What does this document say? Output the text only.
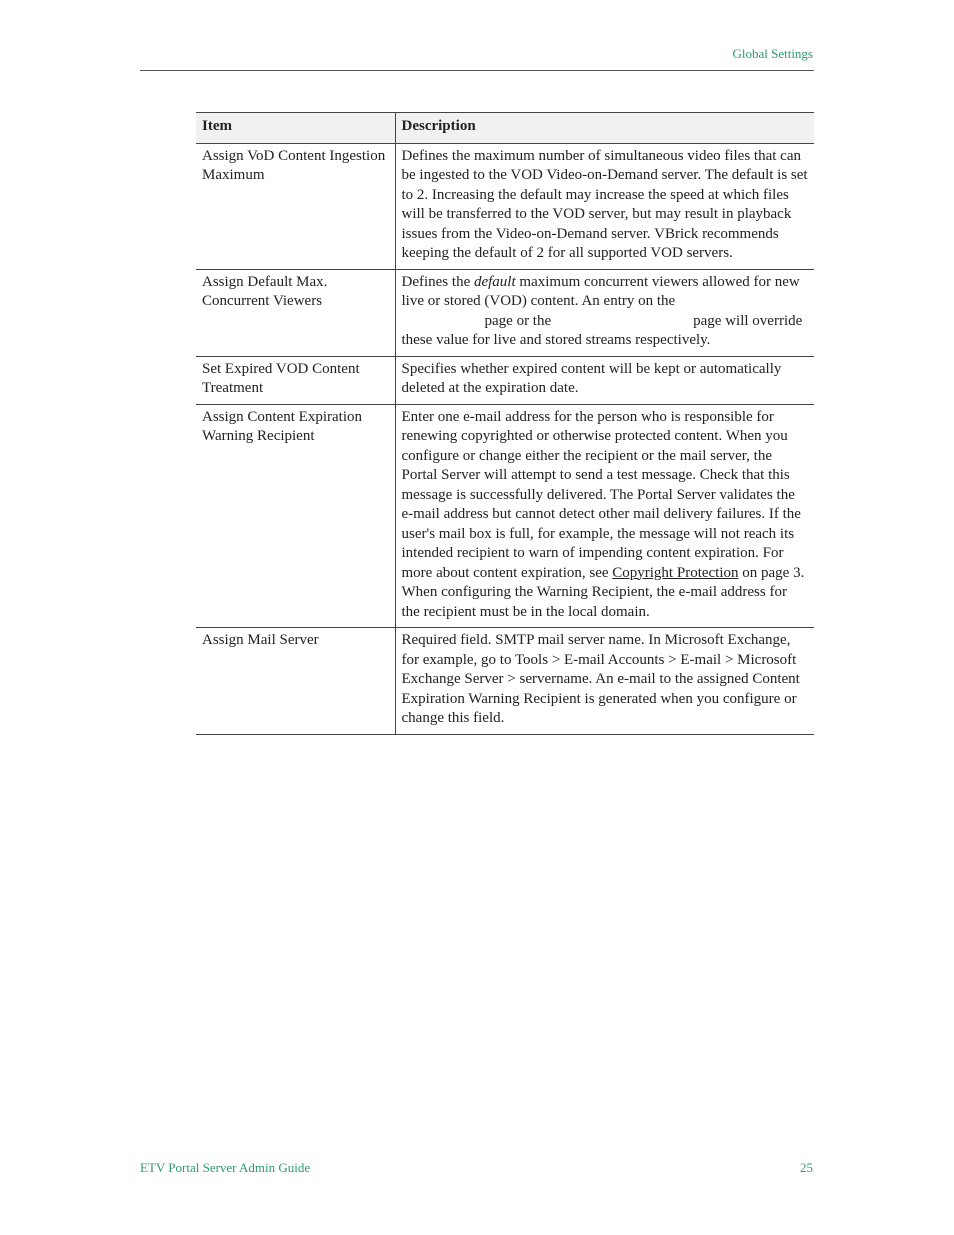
Global Settings
Item	Description
Assign VoD Content Ingestion Maximum	Defines the maximum number of simultaneous video files that can be ingested to the VOD Video-on-Demand server. The default is set to 2. Increasing the default may increase the speed at which files will be transferred to the VOD server, but may result in playback issues from the Video-on-Demand server. VBrick recommends keeping the default of 2 for all supported VOD servers.
Assign Default Max. Concurrent Viewers	Defines the default maximum concurrent viewers allowed for new live or stored (VOD) content. An entry on the
page or the page will override these value for live and stored streams respectively.
Set Expired VOD Content Treatment	Specifies whether expired content will be kept or automatically deleted at the expiration date.
Assign Content Expiration Warning Recipient	Enter one e-mail address for the person who is responsible for renewing copyrighted or otherwise protected content. When you configure or change either the recipient or the mail server, the Portal Server will attempt to send a test message. Check that this message is successfully delivered. The Portal Server validates the e-mail address but cannot detect other mail delivery failures. If the user's mail box is full, for example, the message will not reach its intended recipient to warn of impending content expiration. For more about content expiration, see Copyright Protection on page 3. When configuring the Warning Recipient, the e-mail address for the recipient must be in the local domain.
Assign Mail Server	Required field. SMTP mail server name. In Microsoft Exchange, for example, go to Tools > E-mail Accounts > E-mail > Microsoft Exchange Server > servername. An e-mail to the assigned Content Expiration Warning Recipient is generated when you configure or change this field.
ETV Portal Server Admin Guide	25
